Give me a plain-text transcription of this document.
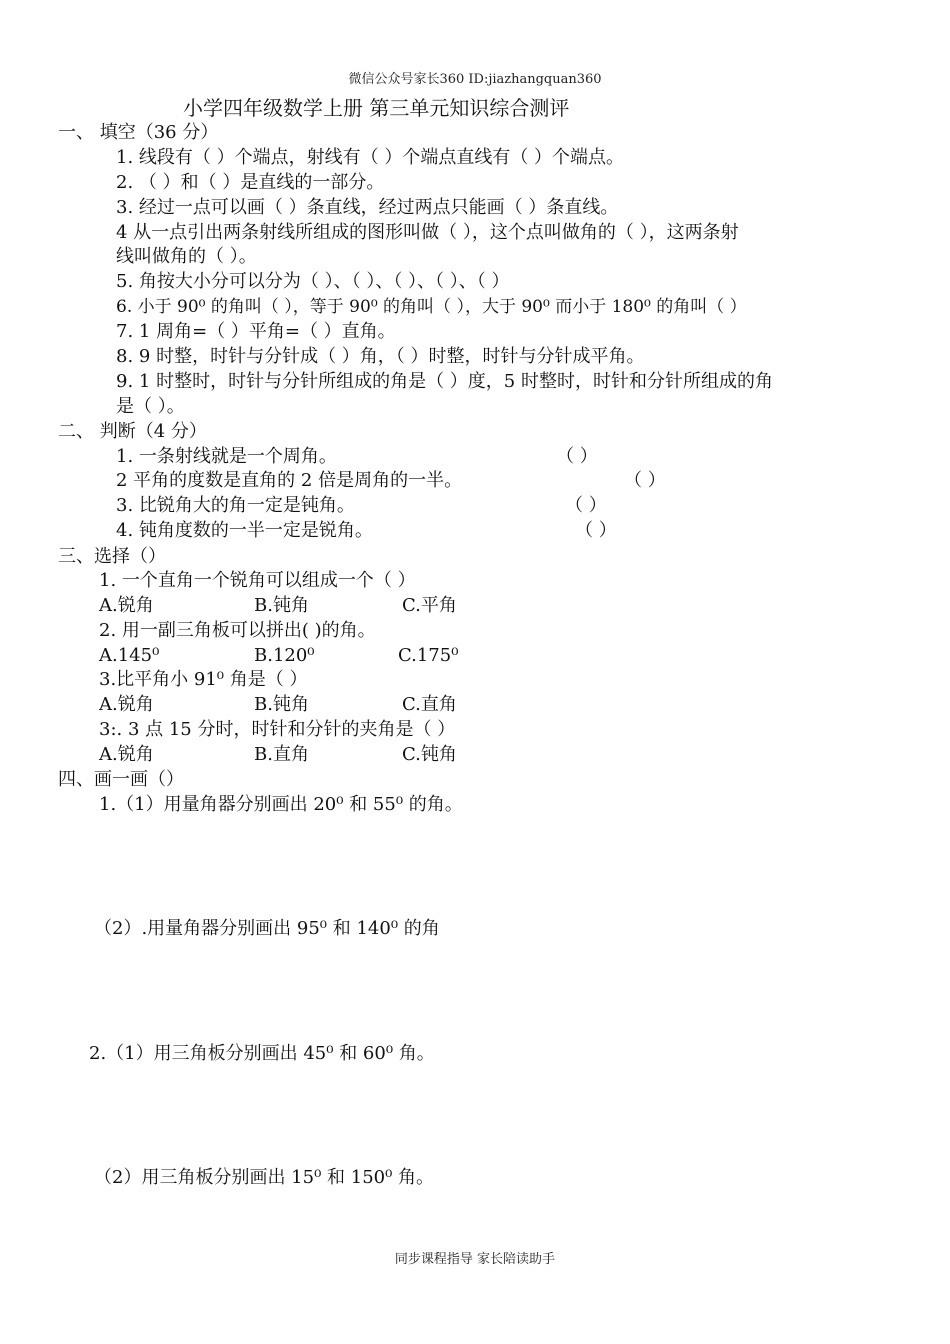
微信公众号家长360 ID:jiazhangquan360
小学四年级数学上册 第三单元知识综合测评
一、 填空（36 分）
1. 线段有（ ）个端点，射线有（ ）个端点直线有（ ）个端点。
2. （ ）和（ ）是直线的一部分。
3. 经过一点可以画（ ）条直线，经过两点只能画（ ）条直线。
4 从一点引出两条射线所组成的图形叫做（ ），这个点叫做角的（ ），这两条射
线叫做角的（ ）。
5. 角按大小分可以分为（ ）、（ ）、（ ）、（ ）、（ ）
6. 小于 90⁰ 的角叫（ ），等于 90⁰ 的角叫（ ），大于 90⁰ 而小于 180⁰ 的角叫（ ）
7. 1 周角=（ ）平角=（ ）直角。
8. 9 时整，时针与分针成（ ）角，（ ）时整，时针与分针成平角。
9. 1 时整时，时针与分针所组成的角是（ ）度，5 时整时，时针和分针所组成的角
是（ ）。
二、 判断（4 分）
1. 一条射线就是一个周角。	（ ）
2 平角的度数是直角的 2 倍是周角的一半。	（ ）
3. 比锐角大的角一定是钝角。	（ ）
4. 钝角度数的一半一定是锐角。	（ ）
三、选择（）
1. 一个直角一个锐角可以组成一个（ ）
A.锐角	B.钝角	C.平角
2. 用一副三角板可以拼出( )的角。
A.145⁰	B.120⁰	C.175⁰
3.比平角小 91⁰ 角是（ ）
A.锐角	B.钝角	C.直角
3:. 3 点 15 分时，时针和分针的夹角是（ ）
A.锐角	B.直角	C.钝角
四、画一画（）
1.（1）用量角器分别画出 20⁰ 和 55⁰ 的角。
（2）.用量角器分别画出 95⁰ 和 140⁰ 的角
2.（1）用三角板分别画出 45⁰ 和 60⁰ 角。
（2）用三角板分别画出 15⁰ 和 150⁰ 角。
同步课程指导 家长陪读助手
